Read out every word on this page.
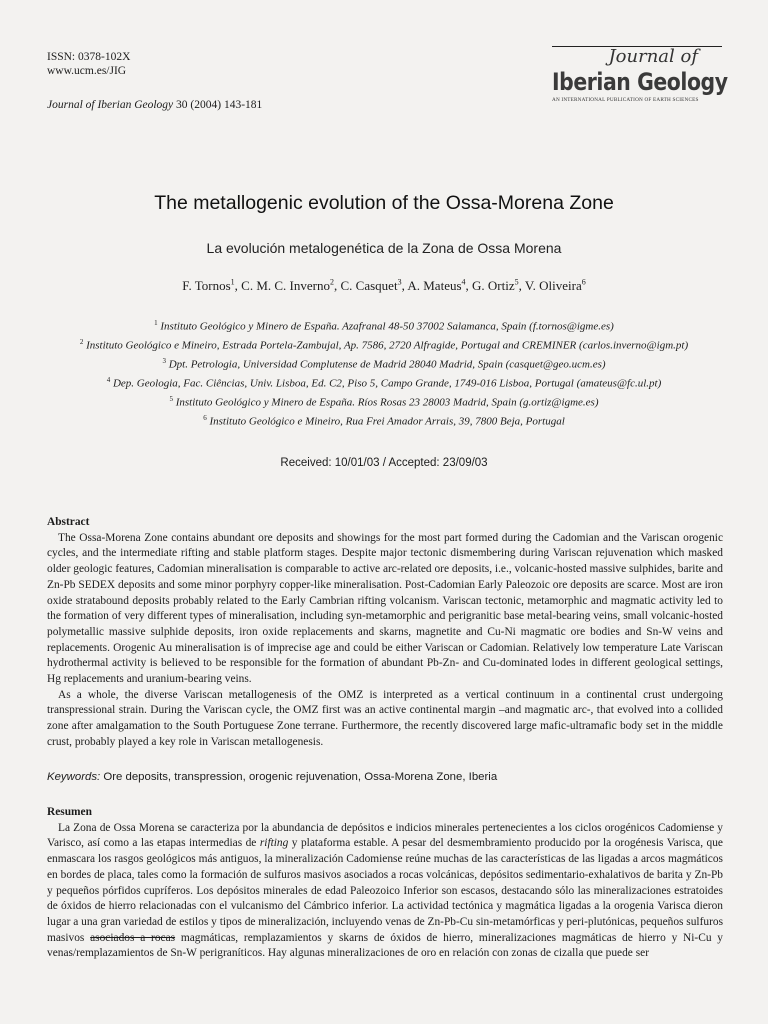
ISSN: 0378-102X
www.ucm.es/JIG
Journal of Iberian Geology 30 (2004) 143-181
Journal of
Iberian Geology
AN INTERNATIONAL PUBLICATION OF EARTH SCIENCES
The metallogenic evolution of the Ossa-Morena Zone
La evolución metalogenética de la Zona de Ossa Morena
F. Tornos$^1$, C. M. C. Inverno$^2$, C. Casquet$^3$, A. Mateus$^4$, G. Ortiz$^5$, V. Oliveira$^6$
$^1$ Instituto Geológico y Minero de España. Azafranal 48-50 37002 Salamanca, Spain (f.tornos@igme.es)
$^2$ Instituto Geológico e Mineiro, Estrada Portela-Zambujal, Ap. 7586, 2720 Alfragide, Portugal and CREMINER (carlos.inverno@igm.pt)
$^3$ Dpt. Petrologia, Universidad Complutense de Madrid 28040 Madrid, Spain (casquet@geo.ucm.es)
$^4$ Dep. Geologia, Fac. Ciências, Univ. Lisboa, Ed. C2, Piso 5, Campo Grande, 1749-016 Lisboa, Portugal (amateus@fc.ul.pt)
$^5$ Instituto Geológico y Minero de España. Ríos Rosas 23 28003 Madrid, Spain (g.ortiz@igme.es)
$^6$ Instituto Geológico e Mineiro, Rua Frei Amador Arrais, 39, 7800 Beja, Portugal
Received: 10/01/03 / Accepted: 23/09/03
Abstract

The Ossa-Morena Zone contains abundant ore deposits and showings for the most part formed during the Cadomian and the Variscan orogenic cycles, and the intermediate rifting and stable platform stages. Despite major tectonic dismembering during Variscan rejuvenation which masked older geologic features, Cadomian mineralisation is comparable to active arc-related ore deposits, i.e., volcanic-hosted massive sulphides, barite and Zn-Pb SEDEX deposits and some minor porphyry copper-like mineralisation. Post-Cadomian Early Paleozoic ore deposits are scarce. Most are iron oxide stratabound deposits probably related to the Early Cambrian rifting volcanism. Variscan tectonic, metamorphic and magmatic activity led to the formation of very different types of mineralisation, including syn-metamorphic and perigranitic base metal-bearing veins, small volcanic-hosted polymetallic massive sulphide deposits, iron oxide replacements and skarns, magnetite and Cu-Ni magmatic ore bodies and Sn-W veins and replacements. Orogenic Au mineralisation is of imprecise age and could be either Variscan or Cadomian. Relatively low temperature Late Variscan hydrothermal activity is believed to be responsible for the formation of abundant Pb-Zn- and Cu-dominated lodes in different geological settings, Hg replacements and uranium-bearing veins.

As a whole, the diverse Variscan metallogenesis of the OMZ is interpreted as a vertical continuum in a continental crust undergoing transpressional strain. During the Variscan cycle, the OMZ first was an active continental margin –and magmatic arc-, that evolved into a collided zone after amalgamation to the South Portuguese Zone terrane. Furthermore, the recently discovered large mafic-ultramafic body set in the middle crust, probably played a key role in Variscan metallogenesis.

Keywords: Ore deposits, transpression, orogenic rejuvenation, Ossa-Morena Zone, Iberia
Resumen

La Zona de Ossa Morena se caracteriza por la abundancia de depósitos e indicios minerales pertenecientes a los ciclos orogénicos Cadomiense y Varisco, así como a las etapas intermedias de rifting y plataforma estable. A pesar del desmembramiento producido por la orogénesis Varisca, que enmascara los rasgos geológicos más antiguos, la mineralización Cadomiense reúne muchas de las características de las ligadas a arcos magmáticos en bordes de placa, tales como la formación de sulfuros masivos asociados a rocas volcánicas, depósitos sedimentario-exhalativos de barita y Zn-Pb y pequeños pórfidos cupríferos. Los depósitos minerales de edad Paleozoico Inferior son escasos, destacando sólo las mineralizaciones estratoides de óxidos de hierro relacionadas con el vulcanismo del Cámbrico inferior. La actividad tectónica y magmática ligadas a la orogenia Varisca dieron lugar a una gran variedad de estilos y tipos de mineralización, incluyendo venas de Zn-Pb-Cu sin-metamórficas y peri-plutónicas, pequeños sulfuros masivos asociados a rocas magmáticas, remplazamientos y skarns de óxidos de hierro, mineralizaciones magmáticas de hierro y Ni-Cu y venas/remplazamientos de Sn-W perigraníticos. Hay algunas mineralizaciones de oro en relación con zonas de cizalla que puede ser
